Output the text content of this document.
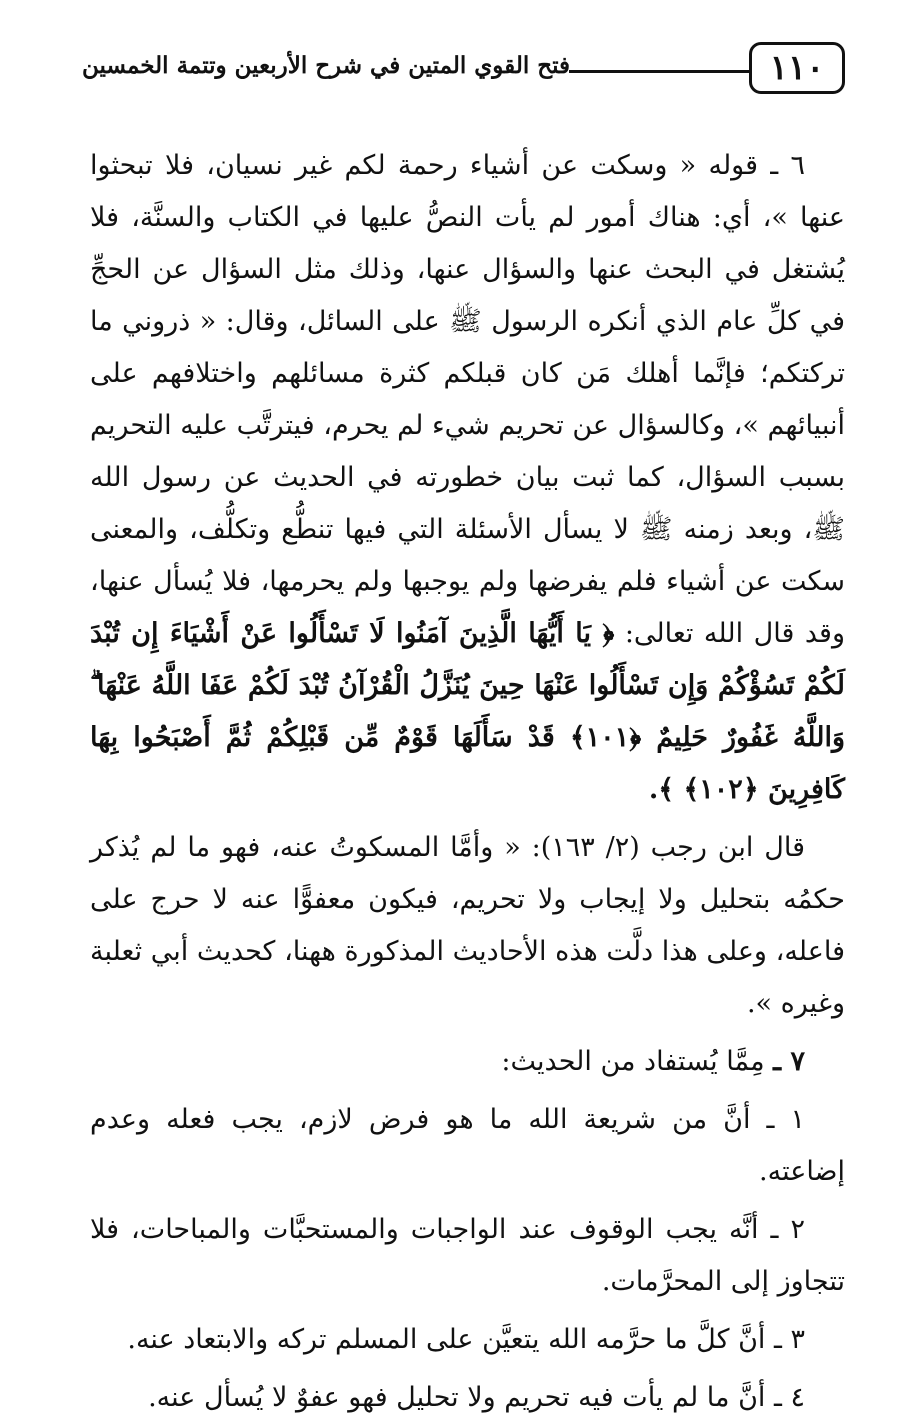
١١٠
فتح القوي المتين في شرح الأربعين وتتمة الخمسين

٦ ـ قوله « وسكت عن أشياء رحمة لكم غير نسيان، فلا تبحثوا عنها »، أي: هناك أمور لم يأت النصُّ عليها في الكتاب والسنَّة، فلا يُشتغل في البحث عنها والسؤال عنها، وذلك مثل السؤال عن الحجِّ في كلِّ عام الذي أنكره الرسول ﷺ على السائل، وقال: « ذروني ما تركتكم؛ فإنَّما أهلك مَن كان قبلكم كثرة مسائلهم واختلافهم على أنبيائهم »، وكالسؤال عن تحريم شيء لم يحرم، فيترتَّب عليه التحريم بسبب السؤال، كما ثبت بيان خطورته في الحديث عن رسول الله ﷺ، وبعد زمنه ﷺ لا يسأل الأسئلة التي فيها تنطُّع وتكلُّف، والمعنى سكت عن أشياء فلم يفرضها ولم يوجبها ولم يحرمها، فلا يُسأل عنها، وقد قال الله تعالى: ﴿ يَا أَيُّهَا الَّذِينَ آمَنُوا لَا تَسْأَلُوا عَنْ أَشْيَاءَ إِن تُبْدَ لَكُمْ تَسُؤْكُمْ وَإِن تَسْأَلُوا عَنْهَا حِينَ يُنَزَّلُ الْقُرْآنُ تُبْدَ لَكُمْ عَفَا اللَّهُ عَنْهَا ۗ وَاللَّهُ غَفُورٌ حَلِيمٌ ﴿١٠١﴾ قَدْ سَأَلَهَا قَوْمٌ مِّن قَبْلِكُمْ ثُمَّ أَصْبَحُوا بِهَا كَافِرِينَ ﴿١٠٢﴾ ﴾.

قال ابن رجب (٢/ ١٦٣): « وأمَّا المسكوتُ عنه، فهو ما لم يُذكر حكمُه بتحليل ولا إيجاب ولا تحريم، فيكون معفوًّا عنه لا حرج على فاعله، وعلى هذا دلَّت هذه الأحاديث المذكورة ههنا، كحديث أبي ثعلبة وغيره ».

٧ ـ مِمَّا يُستفاد من الحديث:

١ ـ أنَّ من شريعة الله ما هو فرض لازم، يجب فعله وعدم إضاعته.

٢ ـ أنَّه يجب الوقوف عند الواجبات والمستحبَّات والمباحات، فلا تتجاوز إلى المحرَّمات.

٣ ـ أنَّ كلَّ ما حرَّمه الله يتعيَّن على المسلم تركه والابتعاد عنه.

٤ ـ أنَّ ما لم يأت فيه تحريم ولا تحليل فهو عفوٌ لا يُسأل عنه.
